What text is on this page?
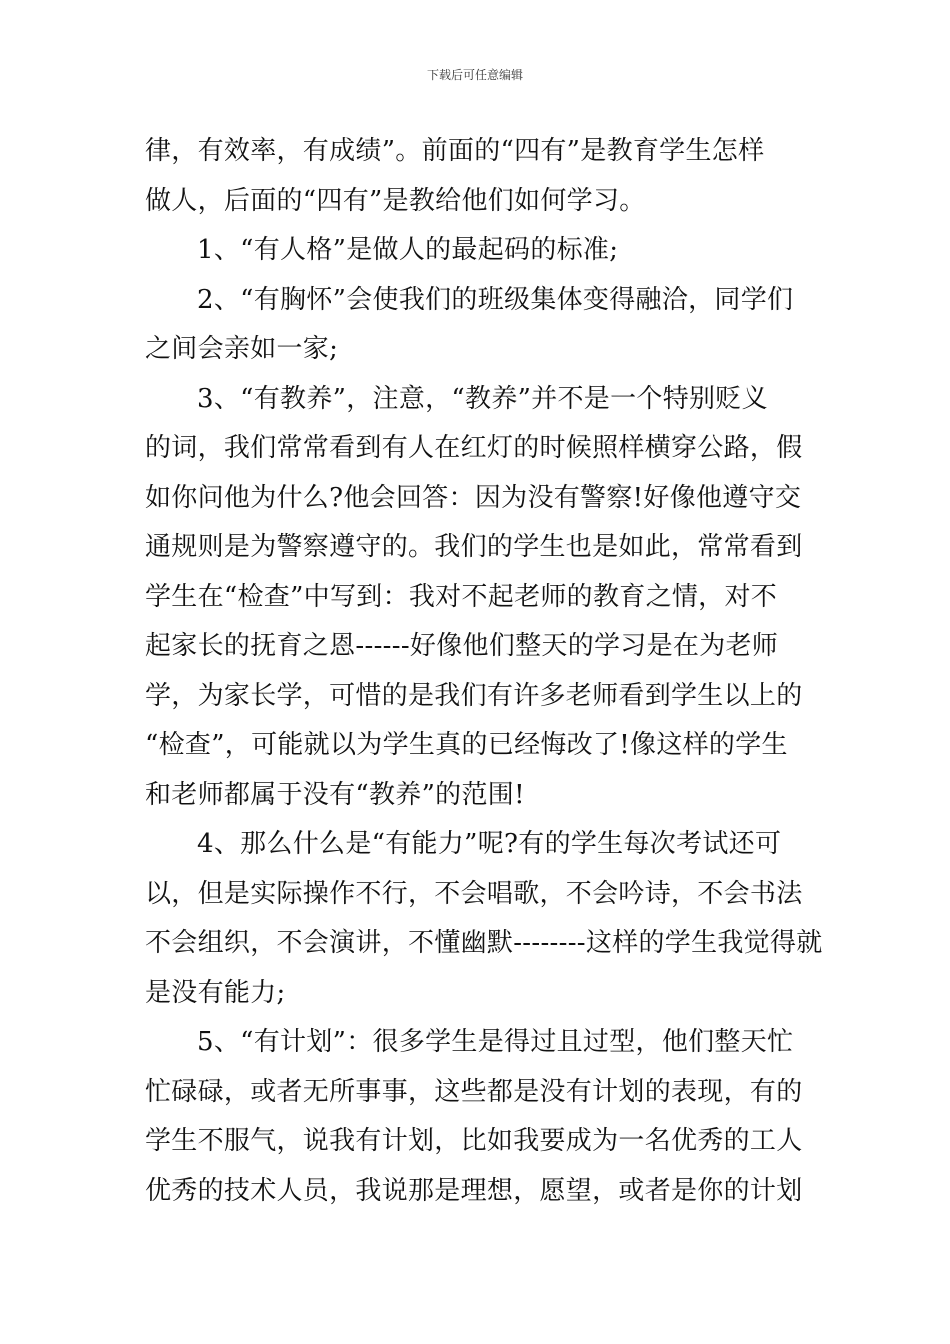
下载后可任意编辑
律，有效率，有成绩”。前面的“四有”是教育学生怎样
做人，后面的“四有”是教给他们如何学习。
1、“有人格”是做人的最起码的标准;
2、“有胸怀”会使我们的班级集体变得融洽，同学们
之间会亲如一家;
3、“有教养”，注意，“教养”并不是一个特别贬义
的词，我们常常看到有人在红灯的时候照样横穿公路，假
如你问他为什么?他会回答：因为没有警察!好像他遵守交
通规则是为警察遵守的。我们的学生也是如此，常常看到
学生在“检查”中写到：我对不起老师的教育之情，对不
起家长的抚育之恩------好像他们整天的学习是在为老师
学，为家长学，可惜的是我们有许多老师看到学生以上的
“检查”，可能就以为学生真的已经悔改了!像这样的学生
和老师都属于没有“教养”的范围!
4、那么什么是“有能力”呢?有的学生每次考试还可
以，但是实际操作不行，不会唱歌，不会吟诗，不会书法
不会组织，不会演讲，不懂幽默--------这样的学生我觉得就
是没有能力;
5、“有计划”：很多学生是得过且过型，他们整天忙
忙碌碌，或者无所事事，这些都是没有计划的表现，有的
学生不服气，说我有计划，比如我要成为一名优秀的工人
优秀的技术人员，我说那是理想，愿望，或者是你的计划
